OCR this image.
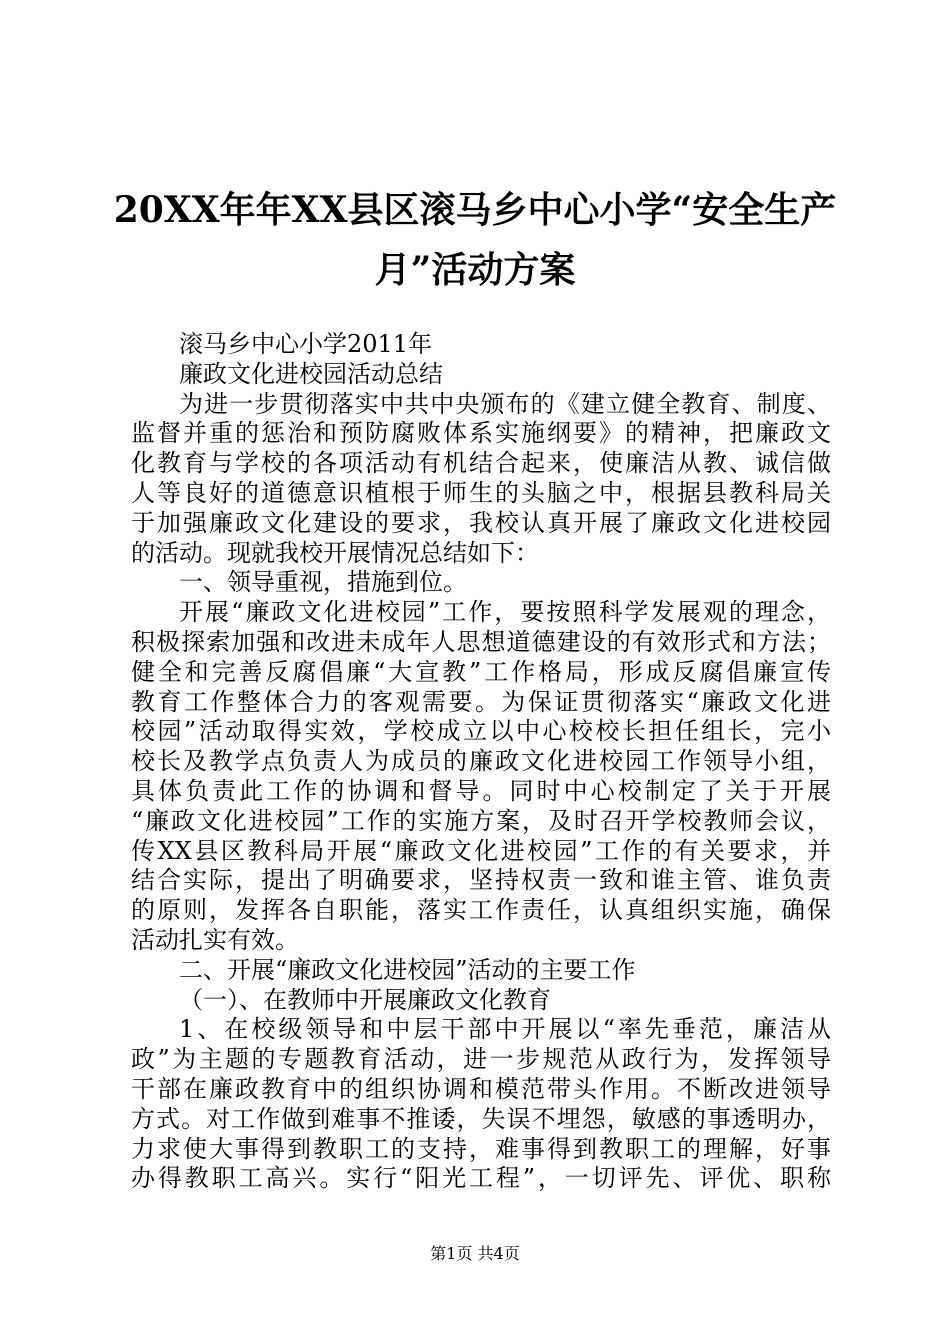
20XX年年XX县区滚马乡中心小学“安全生产
月”活动方案
滚马乡中心小学2011年
廉政文化进校园活动总结
为进一步贯彻落实中共中央颁布的《建立健全教育、制度、
监督并重的惩治和预防腐败体系实施纲要》的精神，把廉政文
化教育与学校的各项活动有机结合起来，使廉洁从教、诚信做
人等良好的道德意识植根于师生的头脑之中，根据县教科局关
于加强廉政文化建设的要求，我校认真开展了廉政文化进校园
的活动。现就我校开展情况总结如下：
一、领导重视，措施到位。
开展“廉政文化进校园”工作，要按照科学发展观的理念，
积极探索加强和改进未成年人思想道德建设的有效形式和方法；
健全和完善反腐倡廉“大宣教”工作格局，形成反腐倡廉宣传
教育工作整体合力的客观需要。为保证贯彻落实“廉政文化进
校园”活动取得实效，学校成立以中心校校长担任组长，完小
校长及教学点负责人为成员的廉政文化进校园工作领导小组，
具体负责此工作的协调和督导。同时中心校制定了关于开展
“廉政文化进校园”工作的实施方案，及时召开学校教师会议，
传XX县区教科局开展“廉政文化进校园”工作的有关要求，并
结合实际，提出了明确要求，坚持权责一致和谁主管、谁负责
的原则，发挥各自职能，落实工作责任，认真组织实施，确保
活动扎实有效。
二、开展“廉政文化进校园”活动的主要工作
（一）、在教师中开展廉政文化教育
1、在校级领导和中层干部中开展以“率先垂范，廉洁从
政”为主题的专题教育活动，进一步规范从政行为，发挥领导
干部在廉政教育中的组织协调和模范带头作用。不断改进领导
方式。对工作做到难事不推诿，失误不埋怨，敏感的事透明办，
力求使大事得到教职工的支持，难事得到教职工的理解，好事
办得教职工高兴。实行“阳光工程”，一切评先、评优、职称
第1页 共4页
